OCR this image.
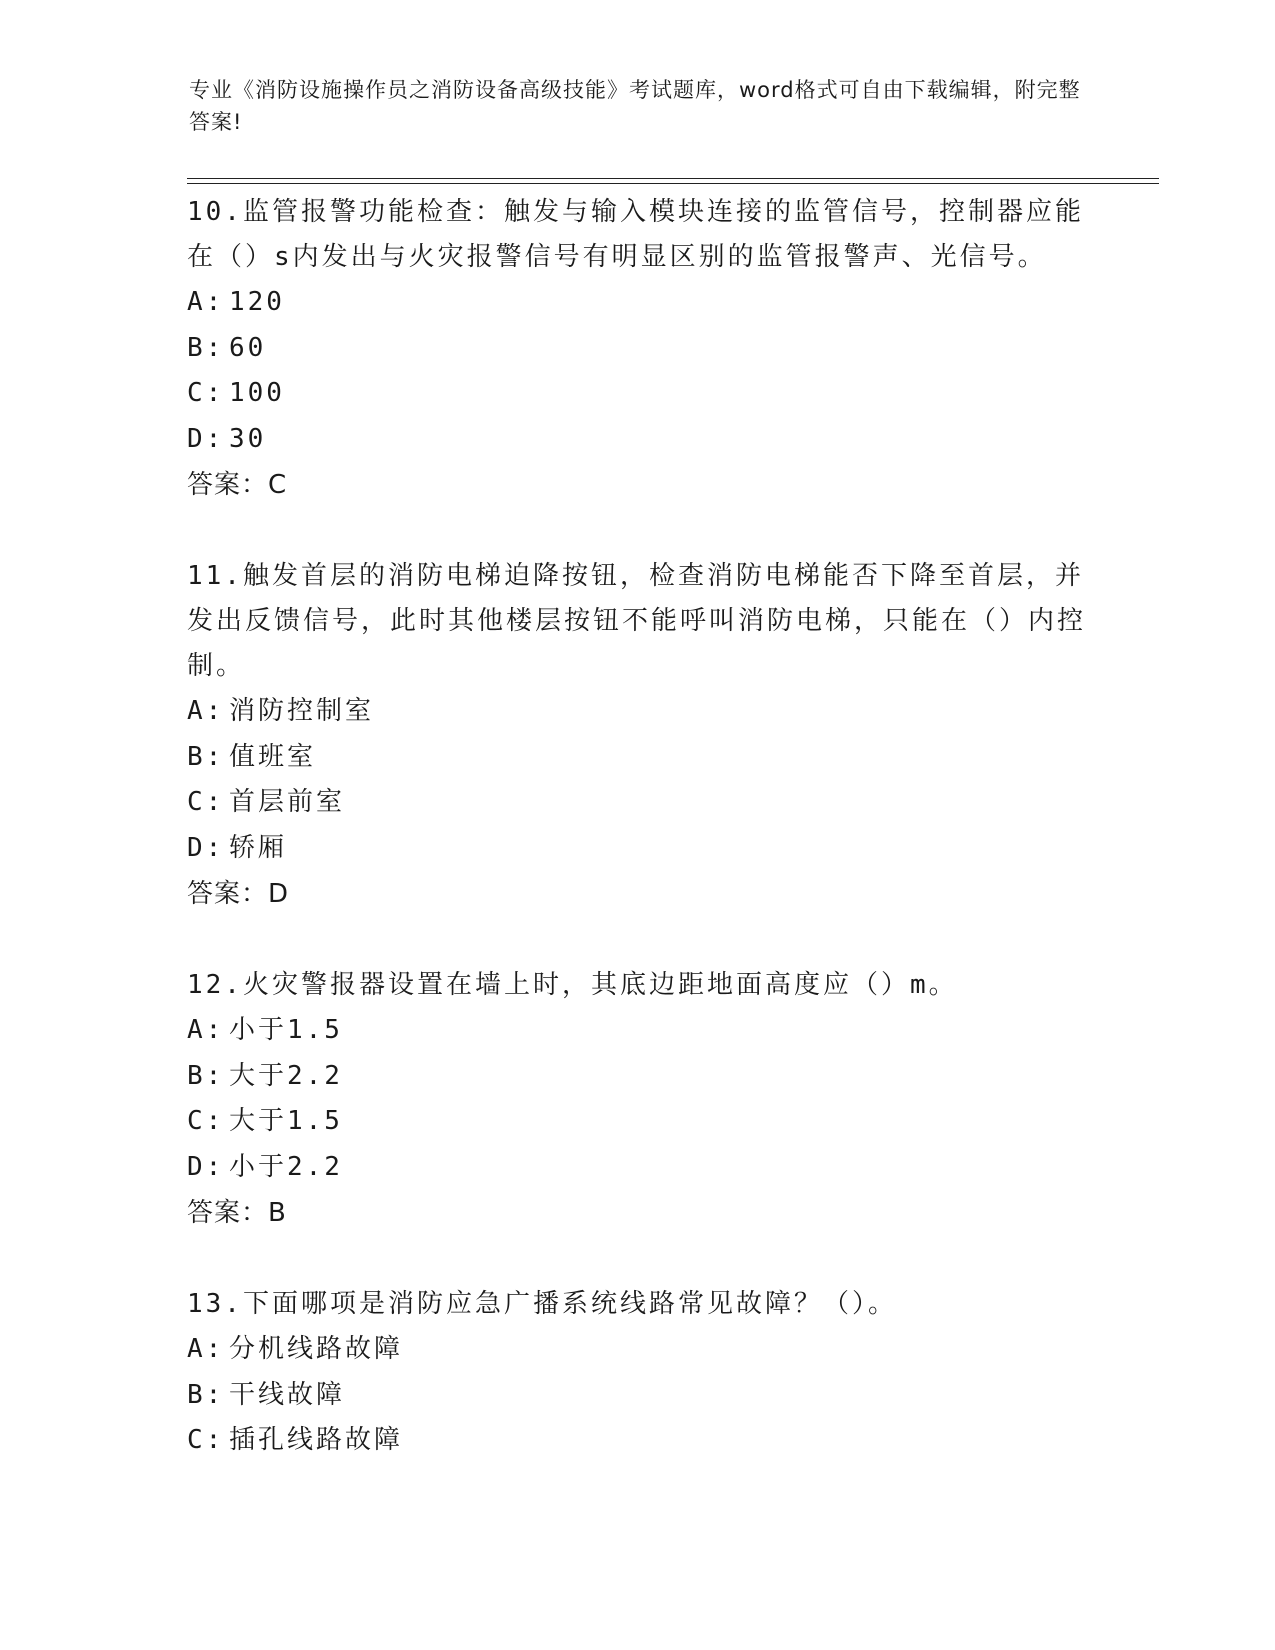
专业《消防设施操作员之消防设备高级技能》考试题库，word格式可自由下载编辑，附完整答案!

10.监管报警功能检查：触发与输入模块连接的监管信号，控制器应能在（）s内发出与火灾报警信号有明显区别的监管报警声、光信号。

A: 120

B: 60

C: 100

D: 30

答案：C

11.触发首层的消防电梯迫降按钮，检查消防电梯能否下降至首层，并发出反馈信号，此时其他楼层按钮不能呼叫消防电梯，只能在（）内控制。

A: 消防控制室

B: 值班室

C: 首层前室

D: 轿厢

答案：D

12.火灾警报器设置在墙上时，其底边距地面高度应（）m。

A: 小于1.5

B: 大于2.2

C: 大于1.5

D: 小于2.2

答案：B

13.下面哪项是消防应急广播系统线路常见故障？（）。

A: 分机线路故障

B: 干线故障

C: 插孔线路故障
